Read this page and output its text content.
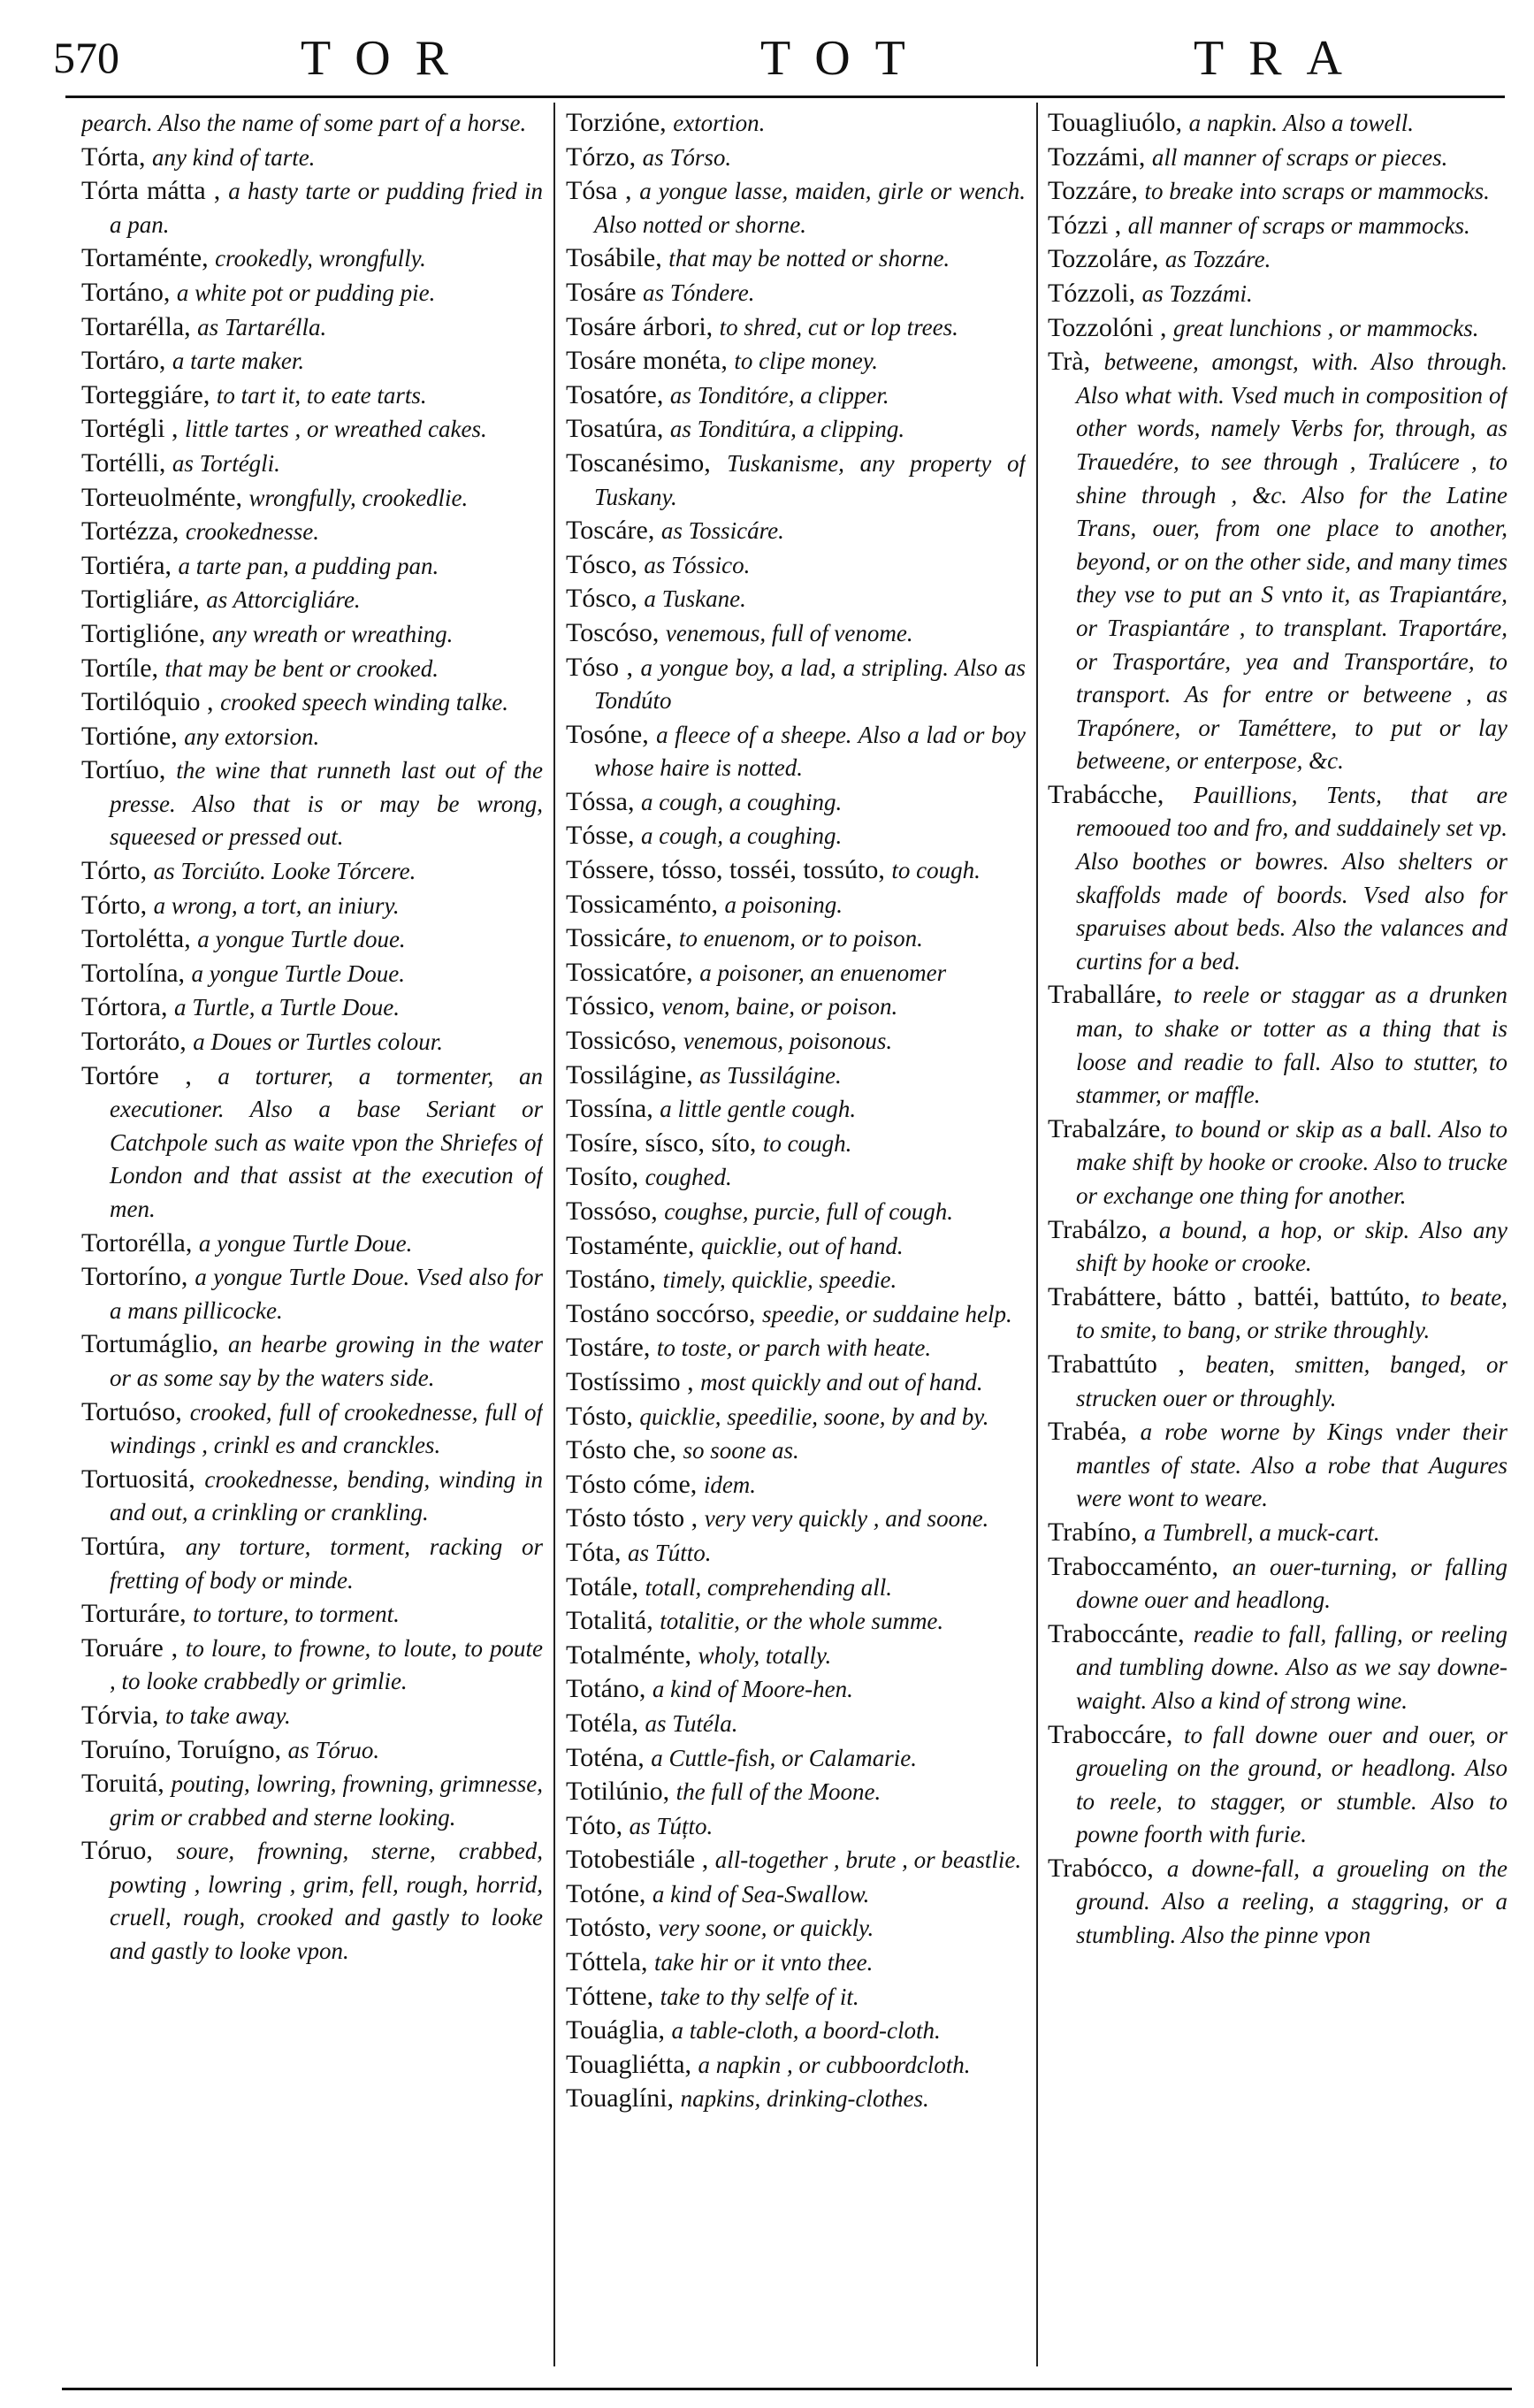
570	TOR	TOT	TRA
pearch. Also the name of some part of a horse.
Tórta, any kind of tarte.
Tórta mátta , a hasty tarte or pudding fried in a pan.
Tortaménte, crookedly, wrongfully.
Tortáno, a white pot or pudding pie.
Tortarélla, as Tartarélla.
Tortáro, a tarte maker.
Torteggiáre, to tart it, to eate tarts.
Tortégli , little tartes , or wreathed cakes.
Tortélli, as Tortégli.
Torteuolménte, wrongfully, crookedlie.
Tortézza, crookednesse.
Tortiéra, a tarte pan, a pudding pan.
Tortigliáre, as Attorcigliáre.
Tortiglióne, any wreath or wreathing.
Tortíle, that may be bent or crooked.
Tortilóquio , crooked speech winding talke.
Tortióne, any extorsion.
Tortíuo, the wine that runneth last out of the presse. Also that is or may be wrong, squeesed or pressed out.
Tórto, as Torciúto. Looke Tórcere.
Tórto, a wrong, a tort, an iniury.
Tortolétta, a yongue Turtle doue.
Tortolína, a yongue Turtle Doue.
Tórtora, a Turtle, a Turtle Doue.
Tortoráto, a Doues or Turtles colour.
Tortóre , a torturer, a tormenter, an executioner. Also a base Seriant or Catchpole such as waite vpon the Shriefes of London and that assist at the execution of men.
Tortorélla, a yongue Turtle Doue.
Tortoríno, a yongue Turtle Doue. Vsed also for a mans pillicocke.
Tortumáglio, an hearbe growing in the water or as some say by the waters side.
Tortuóso, crooked, full of crookednesse, full of windings , crinkl es and cranckles.
Tortuositá, crookednesse, bending, winding in and out, a crinkling or crankling.
Tortúra, any torture, torment, racking or fretting of body or minde.
Torturáre, to torture, to torment.
Toruáre , to loure, to frowne, to loute, to poute , to looke crabbedly or grimlie.
Tórvia, to take away.
Toruíno, Toruígno, as Tóruo.
Toruitá, pouting, lowring, frowning, grimnesse, grim or crabbed and sterne looking.
Tóruo, soure, frowning, sterne, crabbed, powting , lowring , grim, fell, rough, horrid, cruell, rough, crooked and gastly to looke and gastly to looke vpon.
Torzióne, extortion.
Tórzo, as Tórso.
Tósa , a yongue lasse, maiden, girle or wench. Also notted or shorne.
Tosábile, that may be notted or shorne.
Tosáre as Tóndere.
Tosáre árbori, to shred, cut or lop trees.
Tosáre monéta, to clipe money.
Tosatóre, as Tonditóre, a clipper.
Tosatúra, as Tonditúra, a clipping.
Toscanésimo, Tuskanisme, any property of Tuskany.
Toscáre, as Tossicáre.
Tósco, as Tóssico.
Tósco, a Tuskane.
Toscóso, venemous, full of venome.
Tóso , a yongue boy, a lad, a stripling. Also as Tondúto
Tosóne, a fleece of a sheepe. Also a lad or boy whose haire is notted.
Tóssa, a cough, a coughing.
Tósse, a cough, a coughing.
Tóssere, tósso, tosséi, tossúto, to cough.
Tossicaménto, a poisoning.
Tossicáre, to enuenom, or to poison.
Tossicatóre, a poisoner, an enuenomer
Tóssico, venom, baine, or poison.
Tossicóso, venemous, poisonous.
Tossilágine, as Tussilágine.
Tossína, a little gentle cough.
Tosíre, sísco, síto, to cough.
Tosíto, coughed.
Tossóso, coughse, purcie, full of cough.
Tostaménte, quicklie, out of hand.
Tostáno, timely, quicklie, speedie.
Tostáno soccórso, speedie, or suddaine help.
Tostáre, to toste, or parch with heate.
Tostíssimo , most quickly and out of hand.
Tósto, quicklie, speedilie, soone, by and by.
Tósto che, so soone as.
Tósto cóme, idem.
Tósto tósto , very very quickly , and soone.
Tóta, as Tútto.
Totále, totall, comprehending all.
Totalitá, totalitie, or the whole summe.
Totalménte, wholy, totally.
Totáno, a kind of Moore-hen.
Totéla, as Tutéla.
Toténa, a Cuttle-fish, or Calamarie.
Totilúnio, the full of the Moone.
Tóto, as Túțto.
Totobestiále , all-together , brute , or beastlie.
Totóne, a kind of Sea-Swallow.
Totósto, very soone, or quickly.
Tóttela, take hir or it vnto thee.
Tóttene, take to thy selfe of it.
Touáglia, a table-cloth, a boord-cloth.
Touagliétta, a napkin , or cubboordcloth.
Touaglíni, napkins, drinking-clothes.
Touagliuólo, a napkin. Also a towell.
Tozzámi, all manner of scraps or pieces.
Tozzáre, to breake into scraps or mammocks.
Tózzi , all manner of scraps or mammocks.
Tozzoláre, as Tozzáre.
Tózzoli, as Tozzámi.
Tozzolóni , great lunchions , or mammocks.
Trà, betweene, amongst, with. Also through. Also what with. Vsed much in composition of other words, namely Verbs for, through, as Trauedére, to see through , Tralúcere , to shine through , &c. Also for the Latine Trans, ouer, from one place to another, beyond, or on the other side, and many times they vse to put an S vnto it, as Trapiantáre, or Traspiantáre , to transplant. Traportáre, or Trasportáre, yea and Transportáre, to transport. As for entre or betweene , as Trapónere, or Taméttere, to put or lay betweene, or enterpose, &c.
Trabácche, Pauillions, Tents, that are remooued too and fro, and suddainely set vp. Also boothes or bowres. Also shelters or skaffolds made of boords. Vsed also for sparuises about beds. Also the valances and curtins for a bed.
Traballáre, to reele or staggar as a drunken man, to shake or totter as a thing that is loose and readie to fall. Also to stutter, to stammer, or maffle.
Trabalzáre, to bound or skip as a ball. Also to make shift by hooke or crooke. Also to trucke or exchange one thing for another.
Trabálzo, a bound, a hop, or skip. Also any shift by hooke or crooke.
Trabáttere, bátto , battéi, battúto, to beate, to smite, to bang, or strike throughly.
Trabattúto , beaten, smitten, banged, or strucken ouer or throughly.
Trabéa, a robe worne by Kings vnder their mantles of state. Also a robe that Augures were wont to weare.
Trabíno, a Tumbrell, a muck-cart.
Traboccaménto, an ouer-turning, or falling downe ouer and headlong.
Traboccánte, readie to fall, falling, or reeling and tumbling downe. Also as we say downe-waight. Also a kind of strong wine.
Traboccáre, to fall downe ouer and ouer, or groueling on the ground, or headlong. Also to reele, to stagger, or stumble. Also to powne foorth with furie.
Trabócco, a downe-fall, a groueling on the ground. Also a reeling, a staggring, or a stumbling. Also the pinne vpon
